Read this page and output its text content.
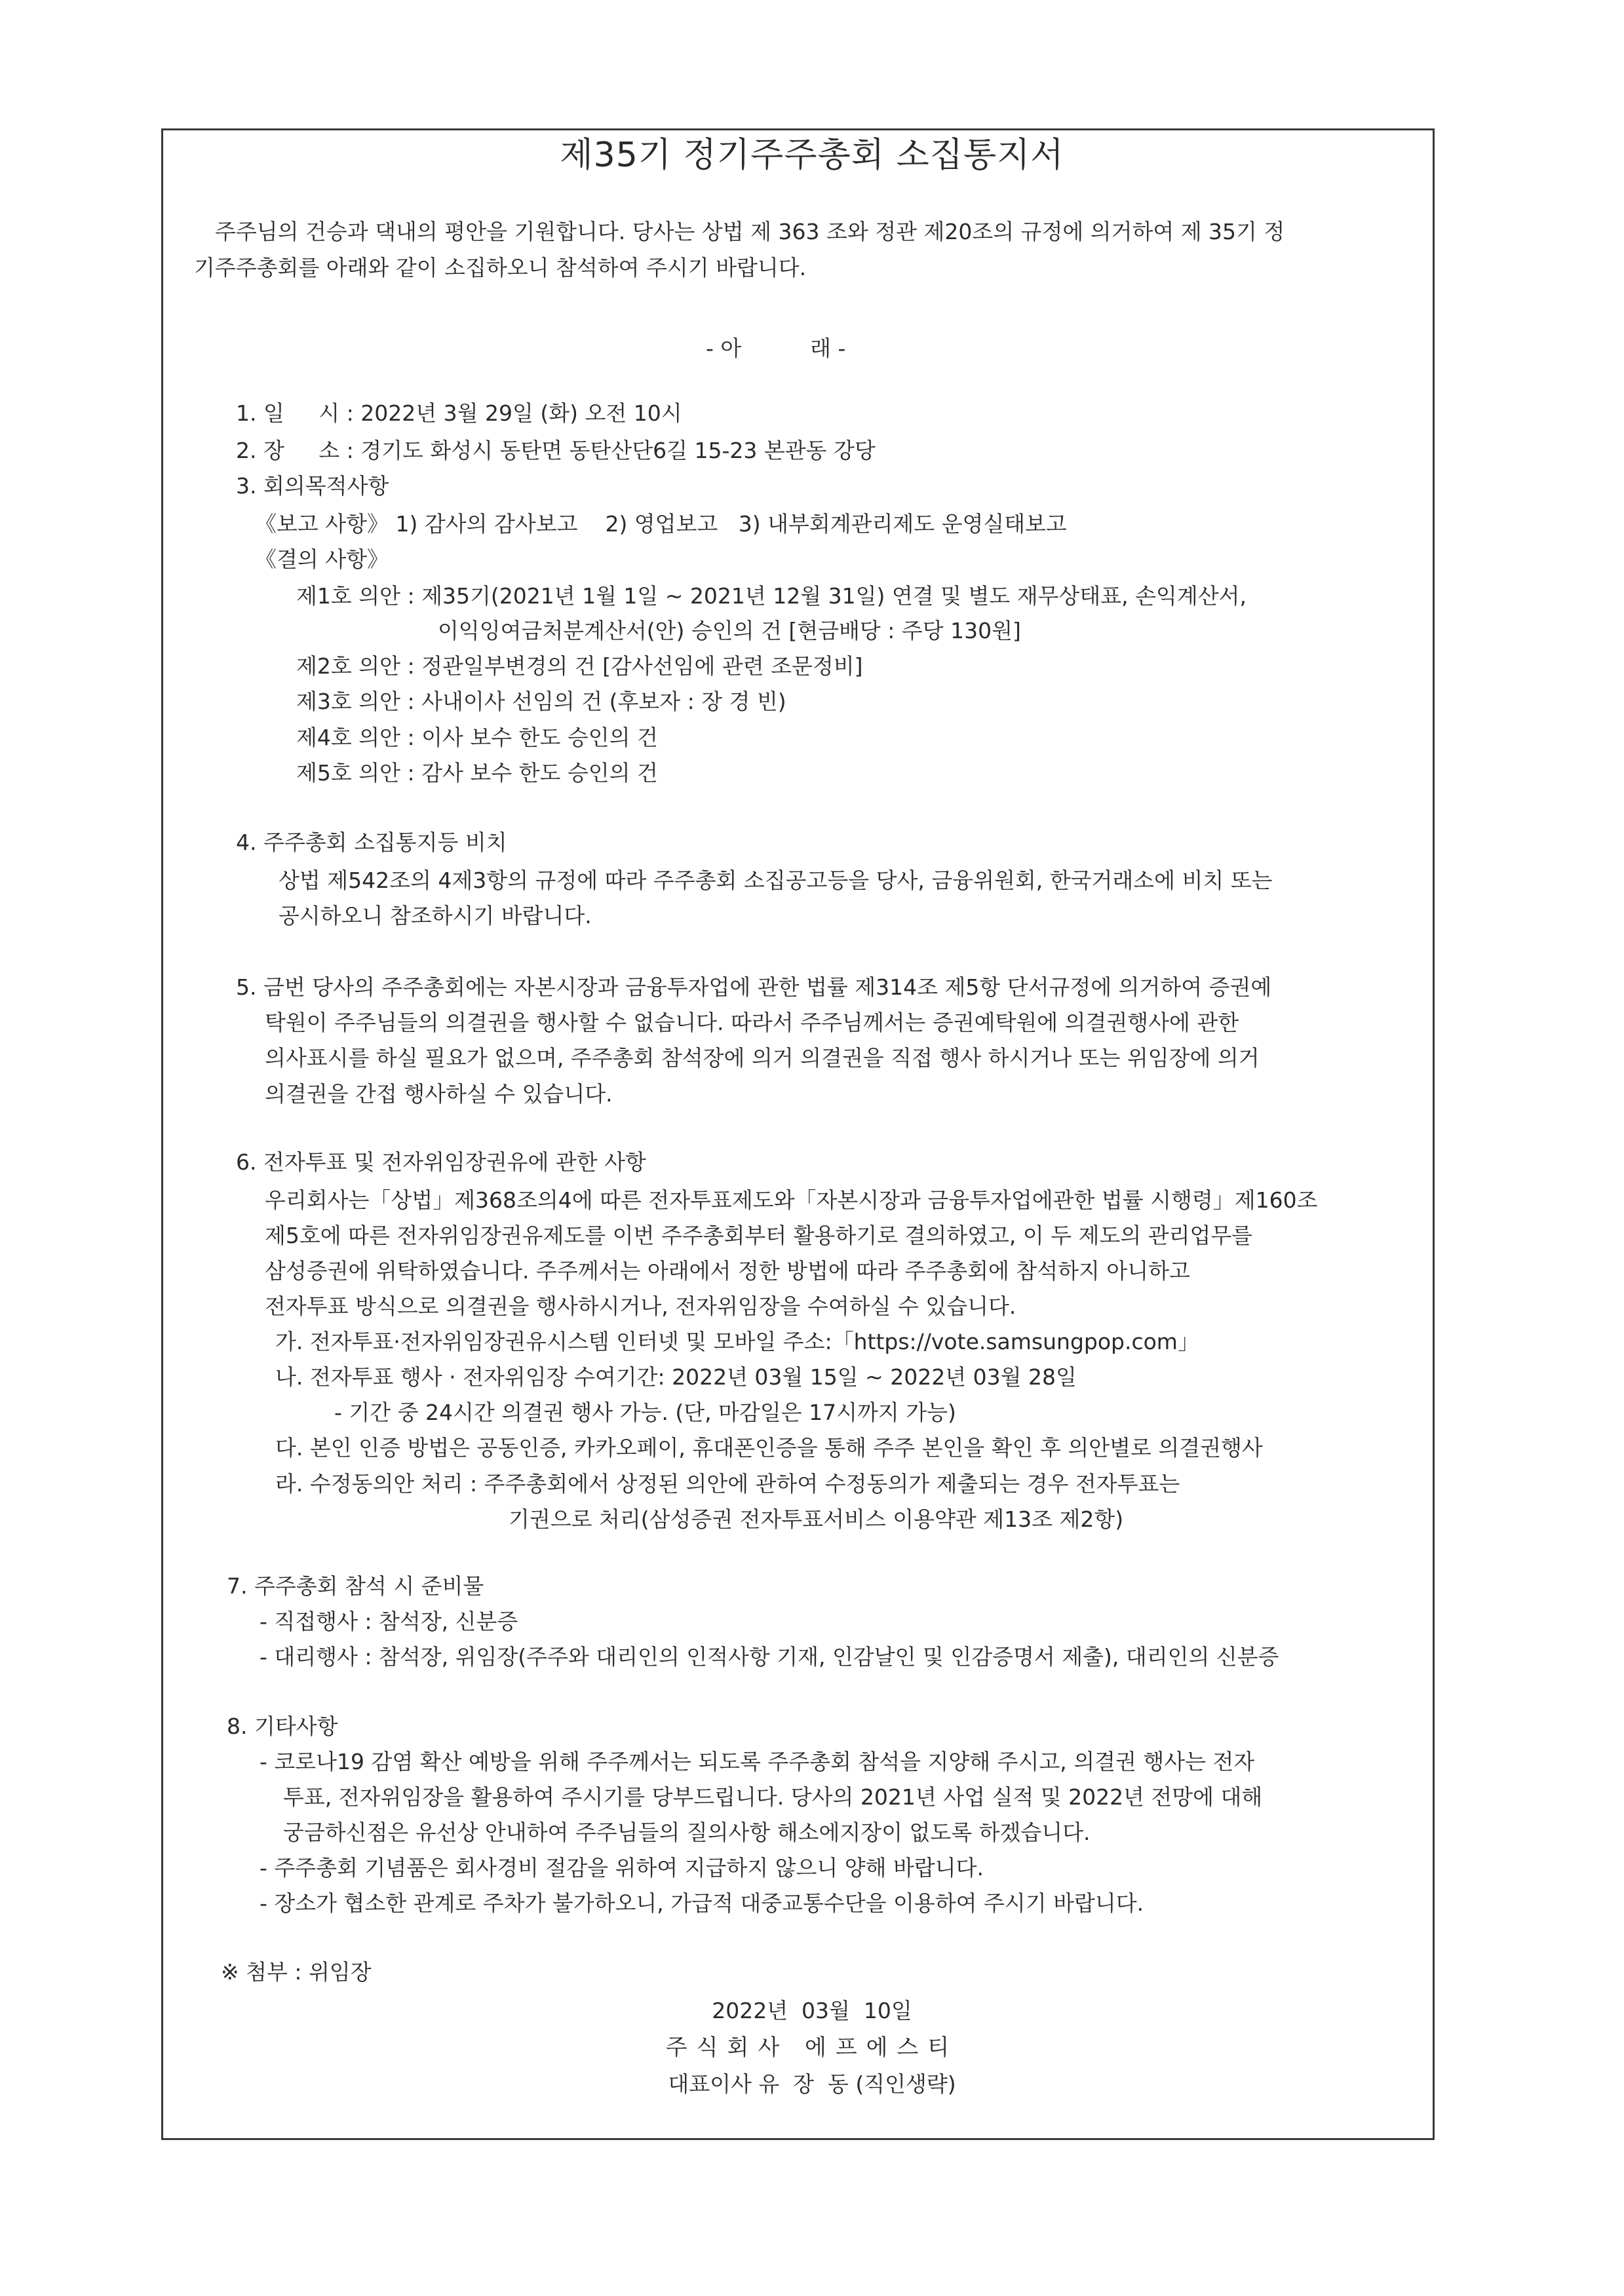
제35기 정기주주총회 소집통지서
주주님의 건승과 댁내의 평안을 기원합니다. 당사는 상법 제 363 조와 정관 제20조의 규정에 의거하여 제 35기 정
기주주총회를 아래와 같이 소집하오니 참석하여 주시기 바랍니다.
- 아          래 -
1. 일     시 : 2022년 3월 29일 (화) 오전 10시
2. 장     소 : 경기도 화성시 동탄면 동탄산단6길 15-23 본관동 강당
3. 회의목적사항
《보고 사항》 1) 감사의 감사보고    2) 영업보고   3) 내부회계관리제도 운영실태보고
《결의 사항》
제1호 의안 : 제35기(2021년 1월 1일 ~ 2021년 12월 31일) 연결 및 별도 재무상태표, 손익계산서,
이익잉여금처분계산서(안) 승인의 건 [현금배당 : 주당 130원]
제2호 의안 : 정관일부변경의 건 [감사선임에 관련 조문정비]
제3호 의안 : 사내이사 선임의 건 (후보자 : 장 경 빈)
제4호 의안 : 이사 보수 한도 승인의 건
제5호 의안 : 감사 보수 한도 승인의 건
4. 주주총회 소집통지등 비치
상법 제542조의 4제3항의 규정에 따라 주주총회 소집공고등을 당사, 금융위원회, 한국거래소에 비치 또는
공시하오니 참조하시기 바랍니다.
5. 금번 당사의 주주총회에는 자본시장과 금융투자업에 관한 법률 제314조 제5항 단서규정에 의거하여 증권예
탁원이 주주님들의 의결권을 행사할 수 없습니다. 따라서 주주님께서는 증권예탁원에 의결권행사에 관한
의사표시를 하실 필요가 없으며, 주주총회 참석장에 의거 의결권을 직접 행사 하시거나 또는 위임장에 의거
의결권을 간접 행사하실 수 있습니다.
6. 전자투표 및 전자위임장권유에 관한 사항
우리회사는「상법」제368조의4에 따른 전자투표제도와「자본시장과 금융투자업에관한 법률 시행령」제160조
제5호에 따른 전자위임장권유제도를 이번 주주총회부터 활용하기로 결의하였고, 이 두 제도의 관리업무를
삼성증권에 위탁하였습니다. 주주께서는 아래에서 정한 방법에 따라 주주총회에 참석하지 아니하고
전자투표 방식으로 의결권을 행사하시거나, 전자위임장을 수여하실 수 있습니다.
가. 전자투표·전자위임장권유시스템 인터넷 및 모바일 주소:「https://vote.samsungpop.com」
나. 전자투표 행사 · 전자위임장 수여기간: 2022년 03월 15일 ~ 2022년 03월 28일
- 기간 중 24시간 의결권 행사 가능. (단, 마감일은 17시까지 가능)
다. 본인 인증 방법은 공동인증, 카카오페이, 휴대폰인증을 통해 주주 본인을 확인 후 의안별로 의결권행사
라. 수정동의안 처리 : 주주총회에서 상정된 의안에 관하여 수정동의가 제출되는 경우 전자투표는
기권으로 처리(삼성증권 전자투표서비스 이용약관 제13조 제2항)
7. 주주총회 참석 시 준비물
- 직접행사 : 참석장, 신분증
- 대리행사 : 참석장, 위임장(주주와 대리인의 인적사항 기재, 인감날인 및 인감증명서 제출), 대리인의 신분증
8. 기타사항
- 코로나19 감염 확산 예방을 위해 주주께서는 되도록 주주총회 참석을 지양해 주시고, 의결권 행사는 전자
투표, 전자위임장을 활용하여 주시기를 당부드립니다. 당사의 2021년 사업 실적 및 2022년 전망에 대해
궁금하신점은 유선상 안내하여 주주님들의 질의사항 해소에지장이 없도록 하겠습니다.
- 주주총회 기념품은 회사경비 절감을 위하여 지급하지 않으니 양해 바랍니다.
- 장소가 협소한 관계로 주차가 불가하오니, 가급적 대중교통수단을 이용하여 주시기 바랍니다.
※ 첨부 : 위임장
2022년  03월  10일
주식회사 에프에스티
대표이사 유  장  동 (직인생략)
